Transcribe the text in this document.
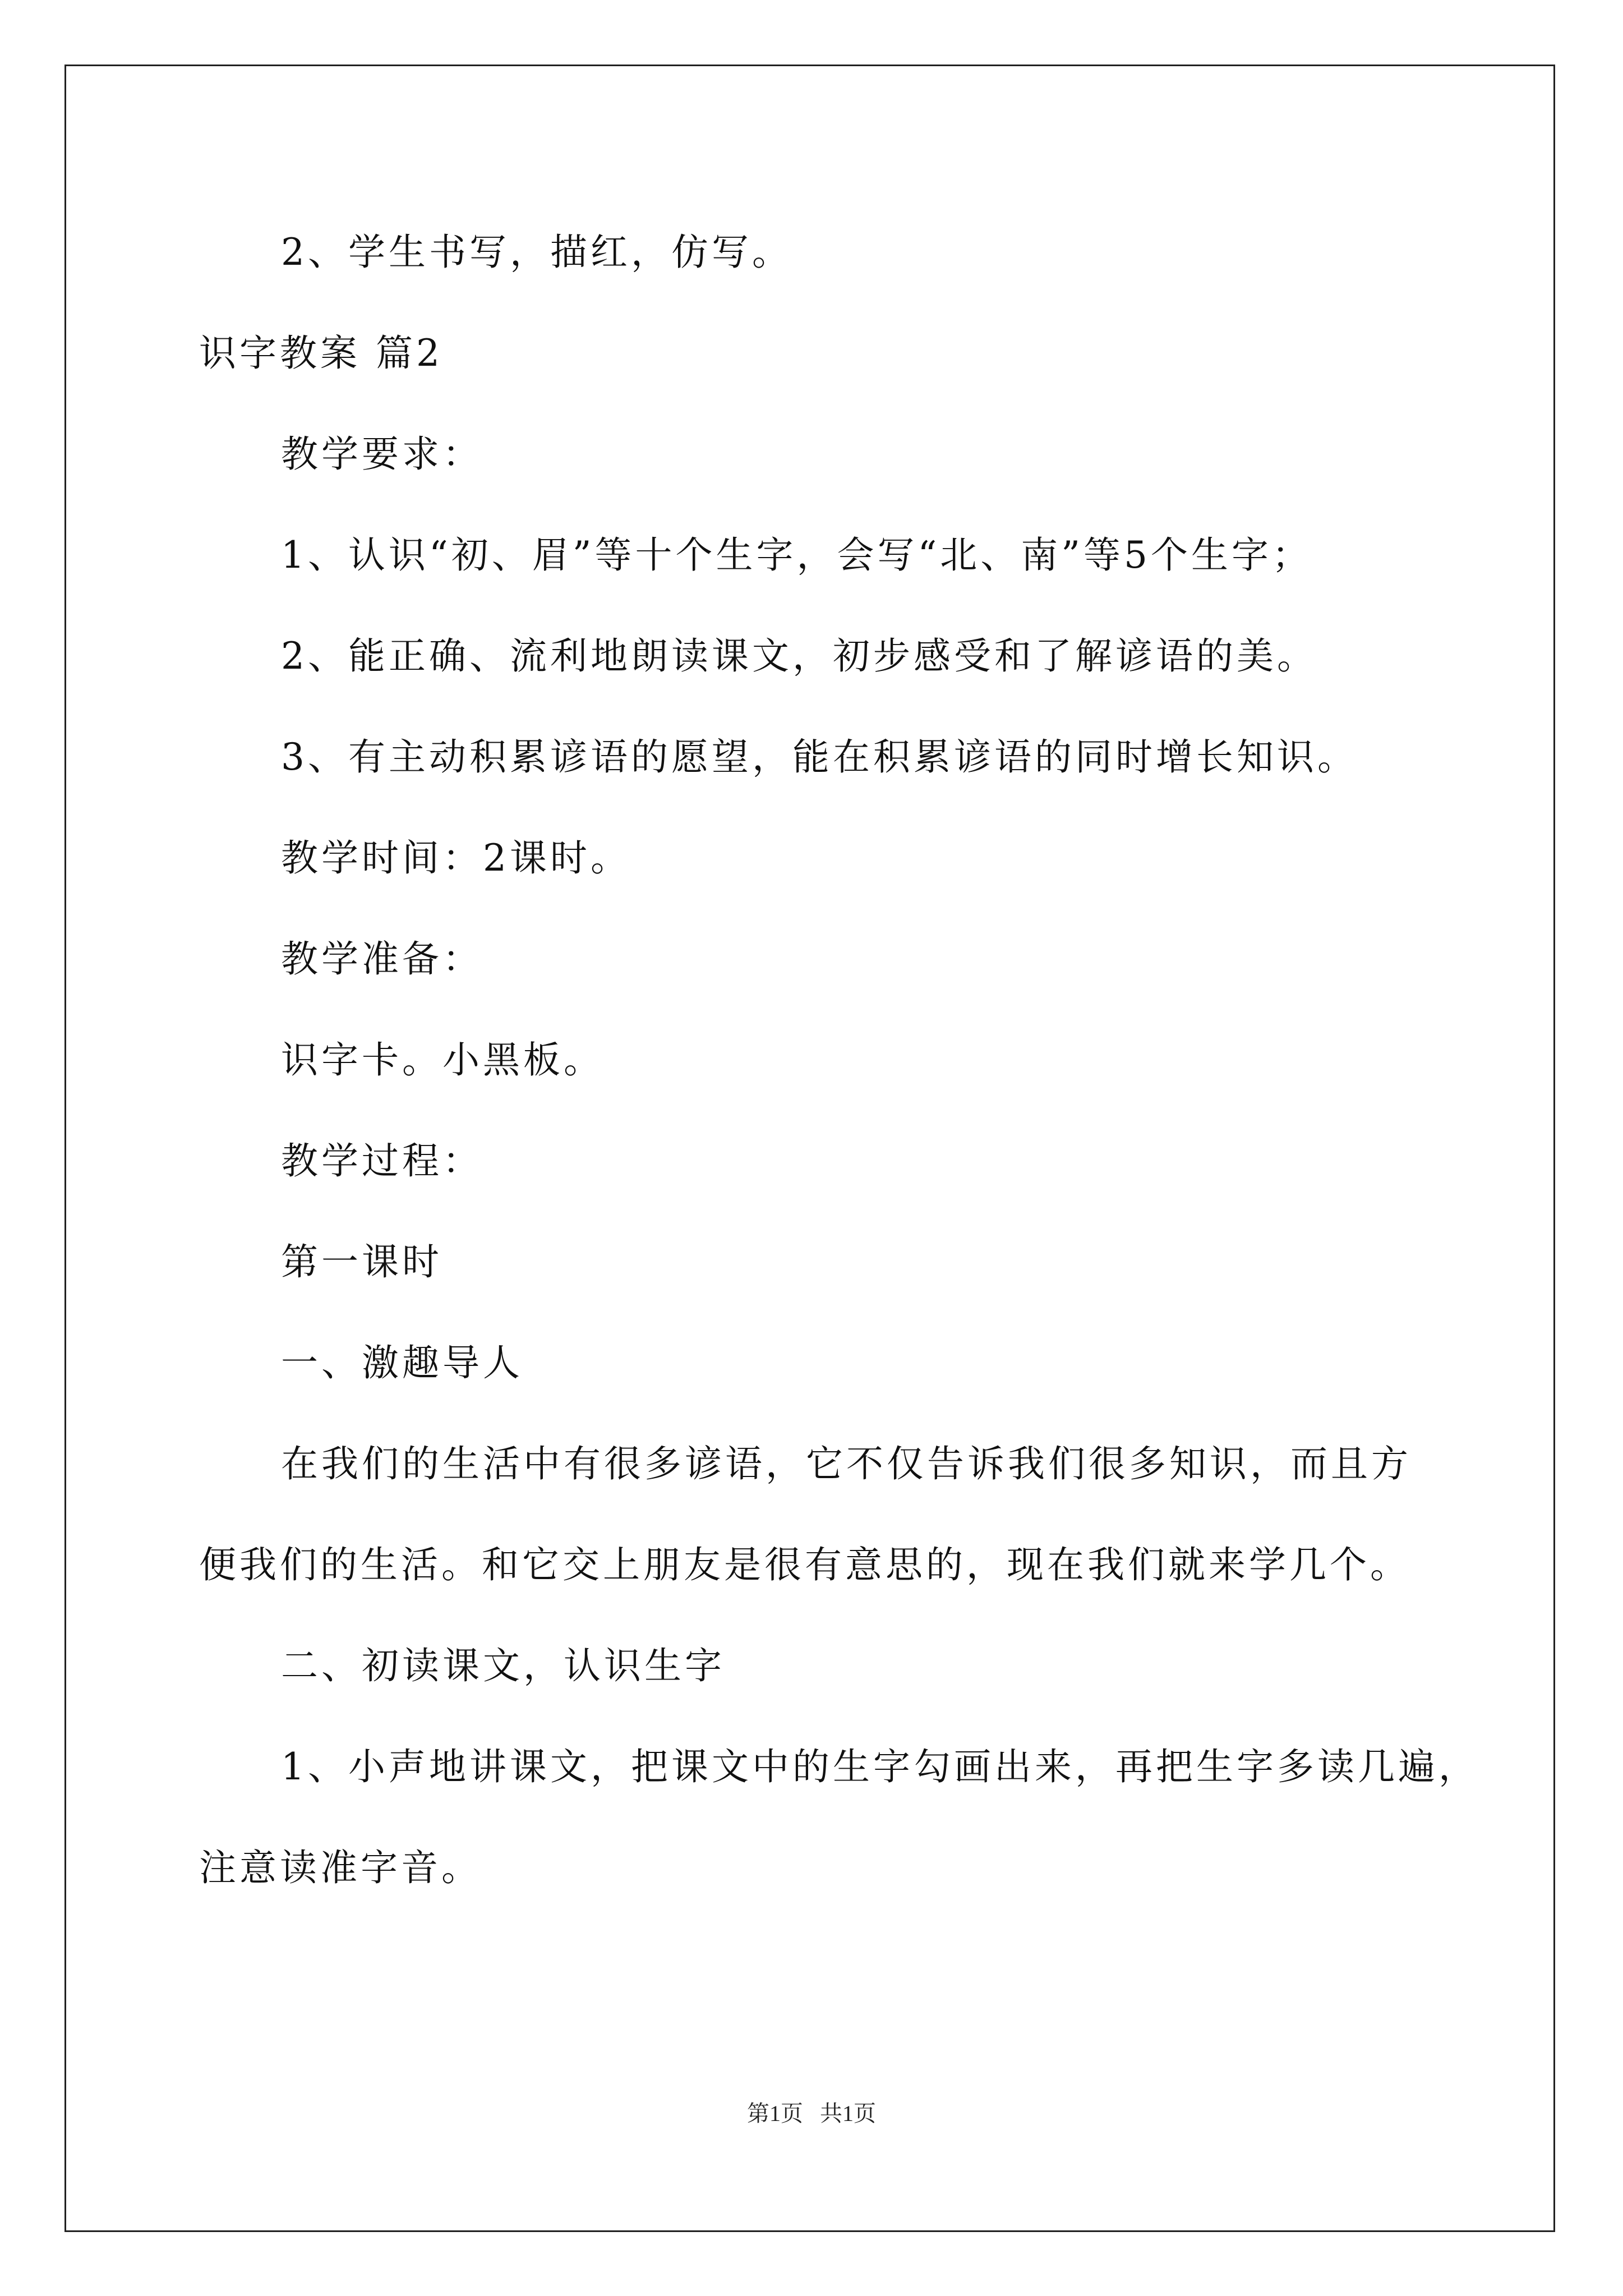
2、学生书写，描红，仿写。
识字教案 篇2
教学要求：
1、认识“初、眉”等十个生字，会写“北、南”等5个生字；
2、能正确、流利地朗读课文，初步感受和了解谚语的美。
3、有主动积累谚语的愿望，能在积累谚语的同时增长知识。
教学时间：2课时。
教学准备：
识字卡。小黑板。
教学过程：
第一课时
一、激趣导人
在我们的生活中有很多谚语，它不仅告诉我们很多知识，而且方
便我们的生活。和它交上朋友是很有意思的，现在我们就来学几个。
二、初读课文，认识生字
1、小声地讲课文，把课文中的生字勾画出来，再把生字多读几遍，
注意读准字音。
第1页   共1页
